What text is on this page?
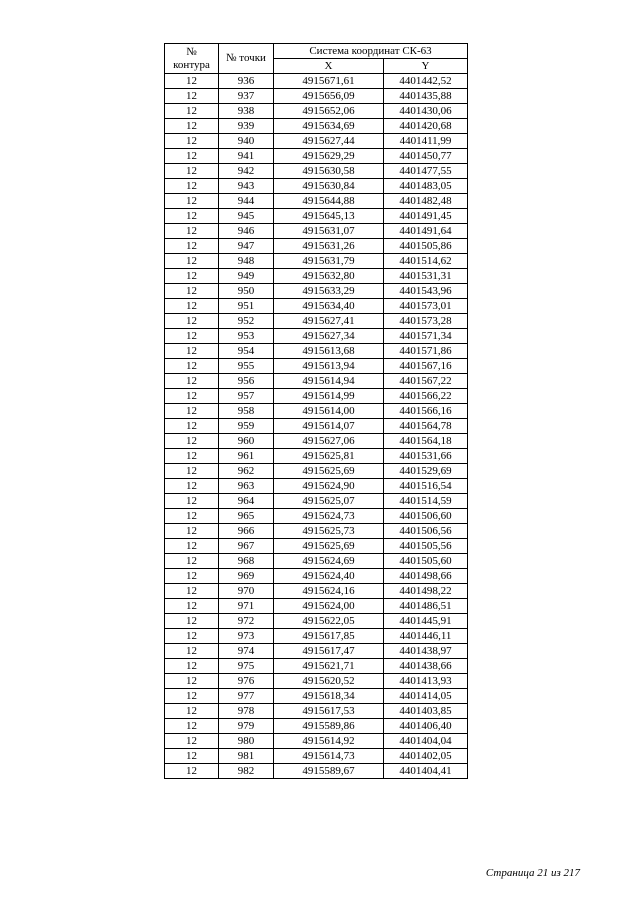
№
контура	№ точки	Система координат СК-63	
		X	Y
12	936	4915671,61	4401442,52
12	937	4915656,09	4401435,88
12	938	4915652,06	4401430,06
12	939	4915634,69	4401420,68
12	940	4915627,44	4401411,99
12	941	4915629,29	4401450,77
12	942	4915630,58	4401477,55
12	943	4915630,84	4401483,05
12	944	4915644,88	4401482,48
12	945	4915645,13	4401491,45
12	946	4915631,07	4401491,64
12	947	4915631,26	4401505,86
12	948	4915631,79	4401514,62
12	949	4915632,80	4401531,31
12	950	4915633,29	4401543,96
12	951	4915634,40	4401573,01
12	952	4915627,41	4401573,28
12	953	4915627,34	4401571,34
12	954	4915613,68	4401571,86
12	955	4915613,94	4401567,16
12	956	4915614,94	4401567,22
12	957	4915614,99	4401566,22
12	958	4915614,00	4401566,16
12	959	4915614,07	4401564,78
12	960	4915627,06	4401564,18
12	961	4915625,81	4401531,66
12	962	4915625,69	4401529,69
12	963	4915624,90	4401516,54
12	964	4915625,07	4401514,59
12	965	4915624,73	4401506,60
12	966	4915625,73	4401506,56
12	967	4915625,69	4401505,56
12	968	4915624,69	4401505,60
12	969	4915624,40	4401498,66
12	970	4915624,16	4401498,22
12	971	4915624,00	4401486,51
12	972	4915622,05	4401445,91
12	973	4915617,85	4401446,11
12	974	4915617,47	4401438,97
12	975	4915621,71	4401438,66
12	976	4915620,52	4401413,93
12	977	4915618,34	4401414,05
12	978	4915617,53	4401403,85
12	979	4915589,86	4401406,40
12	980	4915614,92	4401404,04
12	981	4915614,73	4401402,05
12	982	4915589,67	4401404,41
Страница 21 из 217
